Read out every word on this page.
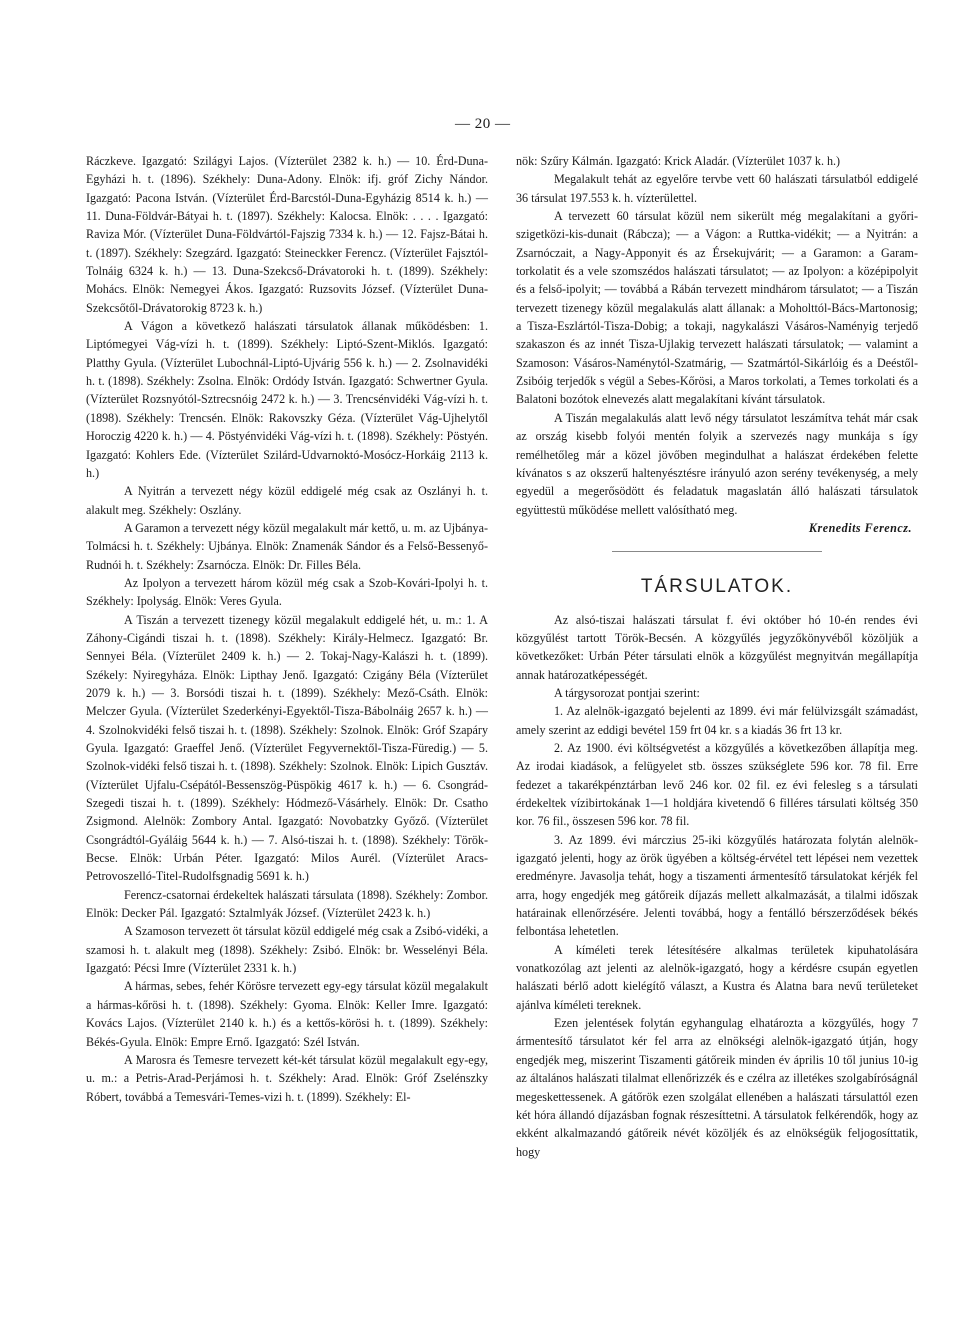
— 20 —

Ráczkeve. Igazgató: Szilágyi Lajos. (Vízterület 2382 k. h.) — 10. Érd-Duna-Egyházi h. t. (1896). Székhely: Duna-Adony. Elnök: ifj. gróf Zichy Nándor. Igazgató: Pacona István. (Vízterület Érd-Barcstól-Duna-Egyházig 8514 k. h.) — 11. Duna-Földvár-Bátyai h. t. (1897). Székhely: Kalocsa. Elnök: . . . . Igazgató: Raviza Mór. (Vízterület Duna-Földvártól-Fajszig 7334 k. h.) — 12. Fajsz-Bátai h. t. (1897). Székhely: Szegzárd. Igazgató: Steineckker Ferencz. (Vízterület Fajsztól-Tolnáig 6324 k. h.) — 13. Duna-Szekcső-Drávatoroki h. t. (1899). Székhely: Mohács. Elnök: Nemegyei Ákos. Igazgató: Ruzsovits József. (Vízterület Duna-Szekcsőtől-Drávatorokig 8723 k. h.)

A Vágon a következő halászati társulatok állanak működésben: 1. Liptómegyei Vág-vízi h. t. (1899). Székhely: Liptó-Szent-Miklós. Igazgató: Platthy Gyula. (Vízterület Lubochnál-Liptó-Ujvárig 556 k. h.) — 2. Zsolnavidéki h. t. (1898). Székhely: Zsolna. Elnök: Ordódy István. Igazgató: Schwertner Gyula. (Vízterület Rozsnyótól-Sztrecsnóig 2472 k. h.) — 3. Trencsénvidéki Vág-vízi h. t. (1898). Székhely: Trencsén. Elnök: Rakovszky Géza. (Vízterület Vág-Ujhelytől Horoczig 4220 k. h.) — 4. Pöstyénvidéki Vág-vízi h. t. (1898). Székhely: Pöstyén. Igazgató: Kohlers Ede. (Vízterület Szilárd-Udvarnoktó-Mosócz-Horkáig 2113 k. h.)

A Nyitrán a tervezett négy közül eddigelé még csak az Oszlányi h. t. alakult meg. Székhely: Oszlány.

A Garamon a tervezett négy közül megalakult már kettő, u. m. az Ujbánya-Tolmácsi h. t. Székhely: Ujbánya. Elnök: Znamenák Sándor és a Felső-Bessenyő-Rudnói h. t. Székhely: Zsarnócza. Elnök: Dr. Filles Béla.

Az Ipolyon a tervezett három közül még csak a Szob-Kovári-Ipolyi h. t. Székhely: Ipolyság. Elnök: Veres Gyula.

A Tiszán a tervezett tizenegy közül megalakult eddigelé hét, u. m.: 1. A Záhony-Cigándi tiszai h. t. (1898). Székhely: Király-Helmecz. Igazgató: Br. Sennyei Béla. (Vízterület 2409 k. h.) — 2. Tokaj-Nagy-Kalászi h. t. (1899). Székely: Nyiregyháza. Elnök: Lipthay Jenő. Igazgató: Czigány Béla (Vízterület 2079 k. h.) — 3. Borsódi tiszai h. t. (1899). Székhely: Mező-Csáth. Elnök: Melczer Gyula. (Vízterület Szederkényi-Egyektől-Tiszа-Bábolnáig 2657 k. h.) — 4. Szolnokvidéki felső tiszai h. t. (1898). Székhely: Szolnok. Elnök: Gróf Szapáry Gyula. Igazgató: Graeffel Jenő. (Vízterület Fegyvernektől-Tisza-Füredig.) — 5. Szolnok-vidéki felső tiszai h. t. (1898). Székhely: Szolnok. Elnök: Lipich Gusztáv. (Vízterület Ujfalu-Csépától-Bessenszög-Püspökig 4617 k. h.) — 6. Csongrád-Szegedi tiszai h. t. (1899). Székhely: Hódmező-Vásárhely. Elnök: Dr. Csatho Zsigmond. Alelnök: Zombory Antal. Igazgató: Novobatzky Győző. (Vízterület Csongrádtól-Gyáláig 5644 k. h.) — 7. Alsó-tiszai h. t. (1898). Székhely: Török-Becse. Elnök: Urbán Péter. Igazgató: Milos Aurél. (Vízterület Aracs-Petrovoszelló-Titel-Rudolfsgnadig 5691 k. h.)

Ferencz-csatornai érdekeltek halászati társulata (1898). Székhely: Zombor. Elnök: Decker Pál. Igazgató: Sztalmlyák József. (Vízterület 2423 k. h.)

A Szamoson tervezett öt társulat közül eddigelé még csak a Zsibó-vidéki, a szamosi h. t. alakult meg (1898). Székhely: Zsibó. Elnök: br. Wesselényi Béla. Igazgató: Pécsi Imre (Vízterület 2331 k. h.)

A hármas, sebes, fehér Körösre tervezett egy-egy társulat közül megalakult a hármas-kőrösi h. t. (1898). Székhely: Gyoma. Elnök: Keller Imre. Igazgató: Kovács Lajos. (Vízterület 2140 k. h.) és a kettős-körösi h. t. (1899). Székhely: Békés-Gyula. Elnök: Empre Ernő. Igazgató: Szél István.

A Marosra és Temesre tervezett két-két társulat közül megalakult egy-egy, u. m.: a Petris-Arad-Perjámosi h. t. Székhely: Arad. Elnök: Gróf Zselénszky Róbert, továbbá a Temesvári-Temes-vizi h. t. (1899). Székhely: El-

nök: Szűry Kálmán. Igazgató: Krick Aladár. (Vízterület 1037 k. h.)

Megalakult tehát az egyelőre tervbe vett 60 halászati társulatból eddigelé 36 társulat 197.553 k. h. vízterülettel.

A tervezett 60 társulat közül nem sikerült még megalakítani a győri-szigetközi-kis-dunait (Rábcza); — a Vágon: a Ruttka-vidékit; — a Nyitrán: a Zsarnóczait, a Nagy-Apponyit és az Érsekujvárit; — a Garamon: a Garam-torkolatit és a vele szomszédos halászati társulatot; — az Ipolyon: a középipolyit és a felső-ipolyit; — továbbá a Rábán tervezett mindhárom társulatot; — a Tiszán tervezett tizenegy közül megalakulás alatt állanak: a Moholttól-Bács-Martonosig; a Tisza-Eszlártól-Tisza-Dobig; a tokaji, nagykalászi Vásáros-Naményig terjedő szakaszon és az innét Tisza-Ujlakig tervezett halászati társulatok; — valamint a Szamoson: Vásáros-Naménytól-Szatmárig, — Szatmártól-Sikárlóig és a Deéstől-Zsibóig terjedők s végül a Sebes-Kőrösi, a Maros torkolati, a Temes torkolati és a Balatoni bozótok elnevezés alatt megalakítani kívánt társulatok.

A Tiszán megalakulás alatt levő négy társulatot leszámítva tehát már csak az ország kisebb folyói mentén folyik a szervezés nagy munkája s így remélhetőleg már a közel jövőben megindulhat a halászat érdekében felette kívánatos s az okszerű haltenyésztésre irányuló azon serény tevékenység, a mely egyedül a megerősödött és feladatuk magaslatán álló halászati társulatok együttestü működése mellett valósítható meg.

Krenedits Ferencz.

TÁRSULATOK.

Az alsó-tiszai halászati társulat f. évi október hó 10-én rendes évi közgyűlést tartott Török-Becsén. A közgyűlés jegyzőkönyvéből közöljük a következőket: Urbán Péter társulati elnök a közgyűlést megnyitván megállapítja annak határozatképességét.

A tárgysorozat pontjai szerint:

1. Az alelnök-igazgató bejelenti az 1899. évi már felülvizsgált számadást, amely szerint az eddigi bevétel 159 frt 04 kr. s a kiadás 36 frt 13 kr.

2. Az 1900. évi költségvetést a közgyűlés a következőben állapítja meg. Az irodai kiadások, a felügyelet stb. összes szükséglete 596 kor. 78 fil. Erre fedezet a takarékpénztárban levő 246 kor. 02 fil. ez évi felesleg s a társulati érdekeltek vízibirtokának 1—1 holdjára kivetendő 6 filléres társulati költség 350 kor. 76 fil., összesen 596 kor. 78 fil.

3. Az 1899. évi márczius 25-iki közgyűlés határozata folytán alelnök-igazgató jelenti, hogy az örök ügyében a költség-érvétel tett lépései nem vezettek eredményre. Javasolja tehát, hogy a tiszamenti ármentesítő társulatokat kérjék fel arra, hogy engedjék meg gátőreik díjazás mellett alkalmazását, a tilalmi időszak határainak ellenőrzésére. Jelenti továbbá, hogy a fentálló bérszerződések békés felbontása lehetetlen.

A kíméleti terek létesítésére alkalmas területek kipuhatolására vonatkozólag azt jelenti az alelnök-igazgató, hogy a kérdésre csupán egyetlen halászati bérlő adott kielégítő választ, a Kustra és Alatna bara nevű területeket ajánlva kíméleti tereknek.

Ezen jelentések folytán egyhangulag elhatározta a közgyűlés, hogy 7 ármentesítő társulatot kér fel arra az elnökségi alelnök-igazgató útján, hogy engedjék meg, miszerint Tiszamenti gátőreik minden év április 10 től junius 10-ig az általános halászati tilalmat ellenőrizzék és e czélra az illetékes szolgabíróságnál megeskettessenek. A gátőrök ezen szolgálat ellenében a halászati társulattól ezen két hóra állandó díjazásban fognak részesíttetni. A társulatok felkérendők, hogy az ekként alkalmazandó gátőreik névét közöljék és az elnökségük feljogosíttatik, hogy
